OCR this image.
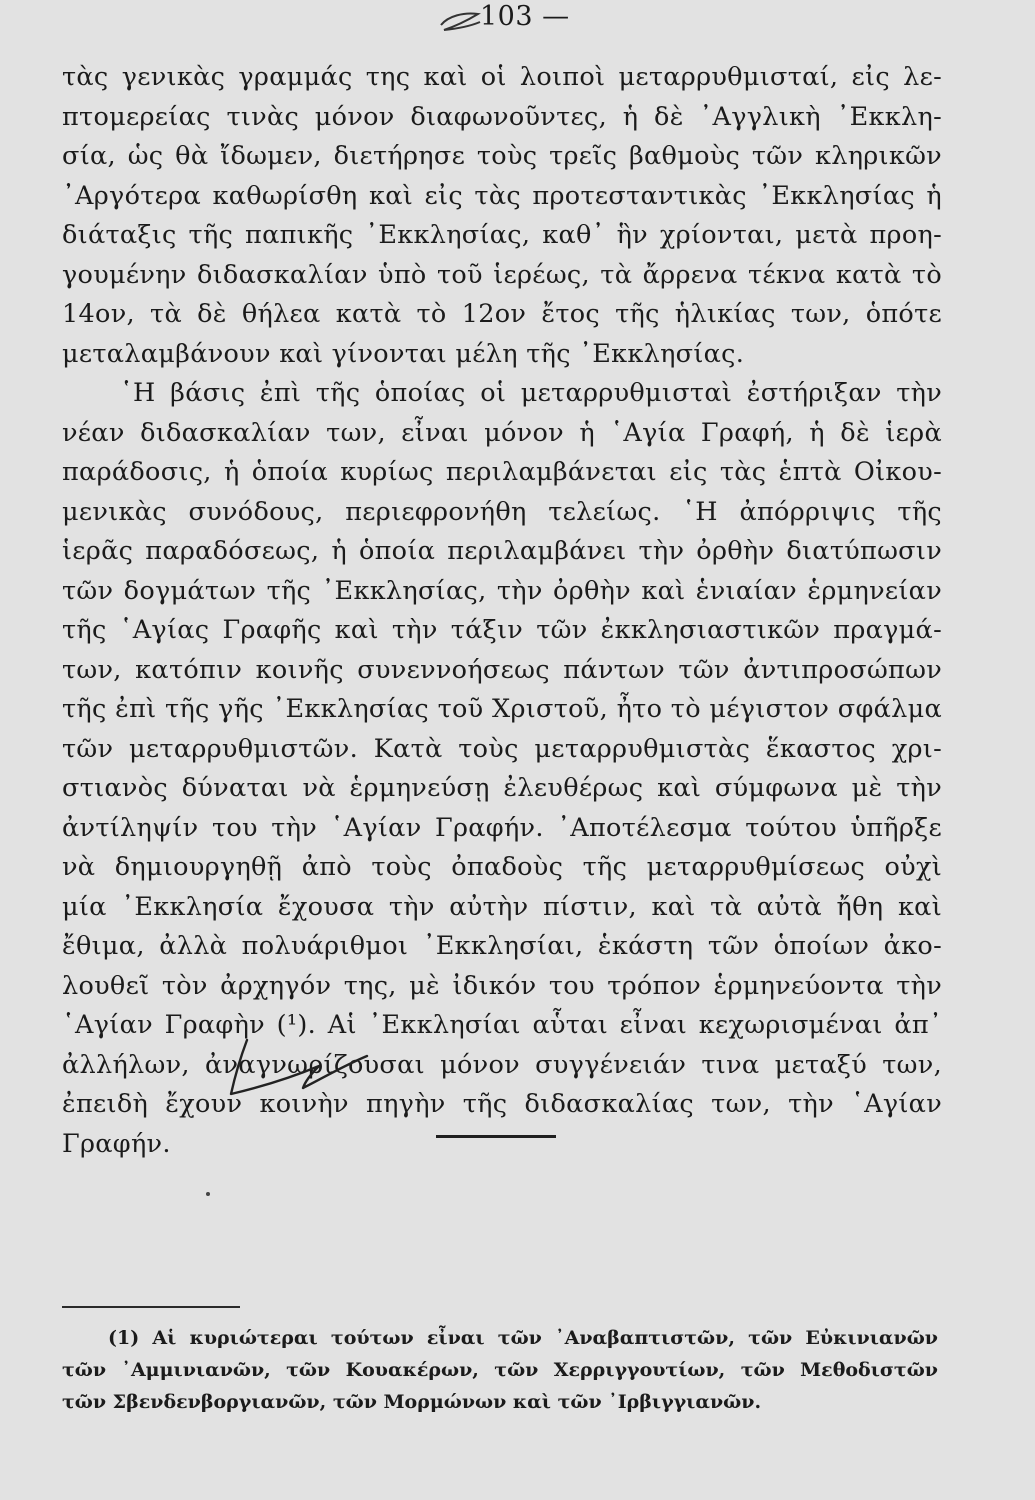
103 —
τὰς γενικὰς γραμμάς της καὶ οἱ λοιποὶ μεταρρυθμισταί, εἰς λε-
πτομερείας τινὰς μόνον διαφωνοῦντες, ἡ δὲ ᾿Αγγλικὴ ᾿Εκκλη-
σία, ὡς θὰ ἴδωμεν, διετήρησε τοὺς τρεῖς βαθμοὺς τῶν κληρικῶν
᾿Αργότερα καθωρίσθη καὶ εἰς τὰς προτεσταντικὰς ᾿Εκκλησίας ἡ
διάταξις τῆς παπικῆς ᾿Εκκλησίας, καθ᾿ ἣν χρίονται, μετὰ προη-
γουμένην διδασκαλίαν ὑπὸ τοῦ ἱερέως, τὰ ἄρρενα τέκνα κατὰ τὸ
14ον, τὰ δὲ θήλεα κατὰ τὸ 12ον ἔτος τῆς ἡλικίας των, ὁπότε
μεταλαμβάνουν καὶ γίνονται μέλη τῆς ᾿Εκκλησίας.
῾Η βάσις ἐπὶ τῆς ὁποίας οἱ μεταρρυθμισταὶ ἐστήριξαν τὴν
νέαν διδασκαλίαν των, εἶναι μόνον ἡ ῾Αγία Γραφή, ἡ δὲ ἱερὰ
παράδοσις, ἡ ὁποία κυρίως περιλαμβάνεται εἰς τὰς ἑπτὰ Οἰκου-
μενικὰς συνόδους, περιεφρονήθη τελείως. ῾Η ἀπόρριψις τῆς
ἱερᾶς παραδόσεως, ἡ ὁποία περιλαμβάνει τὴν ὀρθὴν διατύπωσιν
τῶν δογμάτων τῆς ᾿Εκκλησίας, τὴν ὀρθὴν καὶ ἑνιαίαν ἑρμηνείαν
τῆς ῾Αγίας Γραφῆς καὶ τὴν τάξιν τῶν ἐκκλησιαστικῶν πραγμά-
των, κατόπιν κοινῆς συνεννοήσεως πάντων τῶν ἀντιπροσώπων
τῆς ἐπὶ τῆς γῆς ᾿Εκκλησίας τοῦ Χριστοῦ, ἦτο τὸ μέγιστον σφάλμα
τῶν μεταρρυθμιστῶν. Κατὰ τοὺς μεταρρυθμιστὰς ἕκαστος χρι-
στιανὸς δύναται νὰ ἑρμηνεύσῃ ἐλευθέρως καὶ σύμφωνα μὲ τὴν
ἀντίληψίν του τὴν ῾Αγίαν Γραφήν. ᾿Αποτέλεσμα τούτου ὑπῆρξε
νὰ δημιουργηθῇ ἀπὸ τοὺς ὀπαδοὺς τῆς μεταρρυθμίσεως οὐχὶ
μία ᾿Εκκλησία ἔχουσα τὴν αὐτὴν πίστιν, καὶ τὰ αὐτὰ ἤθη καὶ
ἔθιμα, ἀλλὰ πολυάριθμοι ᾿Εκκλησίαι, ἑκάστη τῶν ὁποίων ἀκο-
λουθεῖ τὸν ἀρχηγόν της, μὲ ἰδικόν του τρόπον ἑρμηνεύοντα τὴν
῾Αγίαν Γραφὴν (¹). Αἱ ᾿Εκκλησίαι αὗται εἶναι κεχωρισμέναι ἀπ᾿
ἀλλήλων, ἀναγνωρίζουσαι μόνον συγγένειάν τινα μεταξύ των,
ἐπειδὴ ἔχουν κοινὴν πηγὴν τῆς διδασκαλίας των, τὴν ῾Αγίαν
Γραφήν.
(1) Αἱ κυριώτεραι τούτων εἶναι τῶν ᾿Αναβαπτιστῶν, τῶν Εὐκινιανῶν
τῶν ᾿Αμμινιανῶν, τῶν Κουακέρων, τῶν Χερριγγουτίων, τῶν Μεθοδιστῶν
τῶν Σβενδενβοργιανῶν, τῶν Μορμώνων καὶ τῶν ᾿Ιρβιγγιανῶν.
